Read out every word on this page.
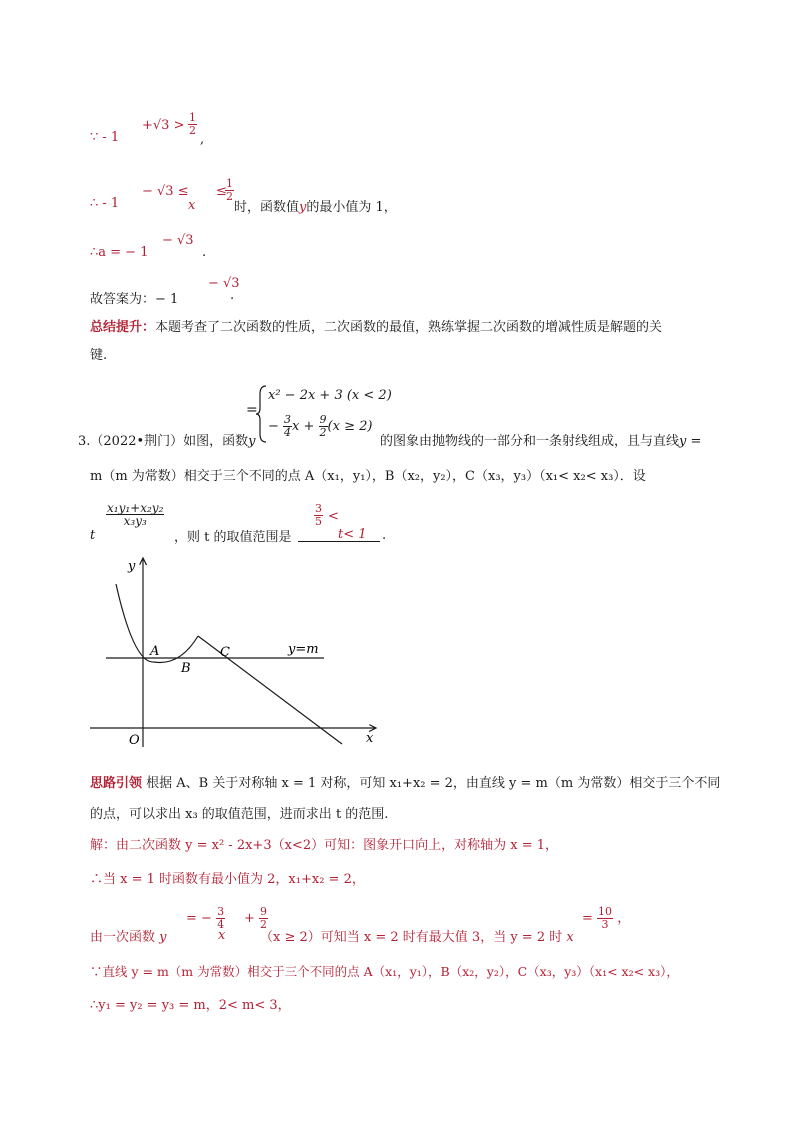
∵ - 1
$+√3 > \frac{1}{2}$
,
∴ - 1
− √3 ≤
x
≤
$\frac{1}{2}$
时，函数值y的最小值为 1，
∴a = − 1
− √3
.
故答案为：− 1
− √3
.
总结提升：本题考查了二次函数的性质，二次函数的最值，熟练掌握二次函数的增减性质是解题的关
键.
3.（2022•荆门）如图，函数y
=
x² − 2x + 3 (x < 2)
− $\frac{3}{4}$ $x + \frac{9}{2} (x \ge 2)$
的图象由抛物线的一部分和一条射线组成，且与直线y =
m（m 为常数）相交于三个不同的点 A（x₁，y₁），B（x₂，y₂），C（x₃，y₃）（x₁< x₂< x₃）．设
$\frac{\text{x₁y₁+x₂y₂}}{\text{x₃y₃}}$
t	，则 t 的取值范围是
$\frac{3}{5}$ <
t< 1 .
y
x
O
A
B
C	y=m
思路引领 根据 A、B 关于对称轴 x = 1 对称，可知 x₁+x₂ = 2，由直线 y = m（m 为常数）相交于三个不同
的点，可以求出 x₃ 的取值范围，进而求出 t 的范围.
解：由二次函数 y = x² - 2x+3（x<2）可知：图象开口向上，对称轴为 x = 1，
∴当 x = 1 时函数有最小值为 2，x₁+x₂ = 2，
由一次函数 y
= − $\frac{3}{4}$
x
+ $\frac{9}{2}$
（x ≥ 2）可知当 x = 2 时有最大值 3，当 y = 2 时 x
= $\frac{10}{3}$ ，
∵直线 y = m（m 为常数）相交于三个不同的点 A（x₁，y₁），B（x₂，y₂），C（x₃，y₃）（x₁< x₂< x₃），
∴y₁ = y₂ = y₃ = m，2< m< 3，
